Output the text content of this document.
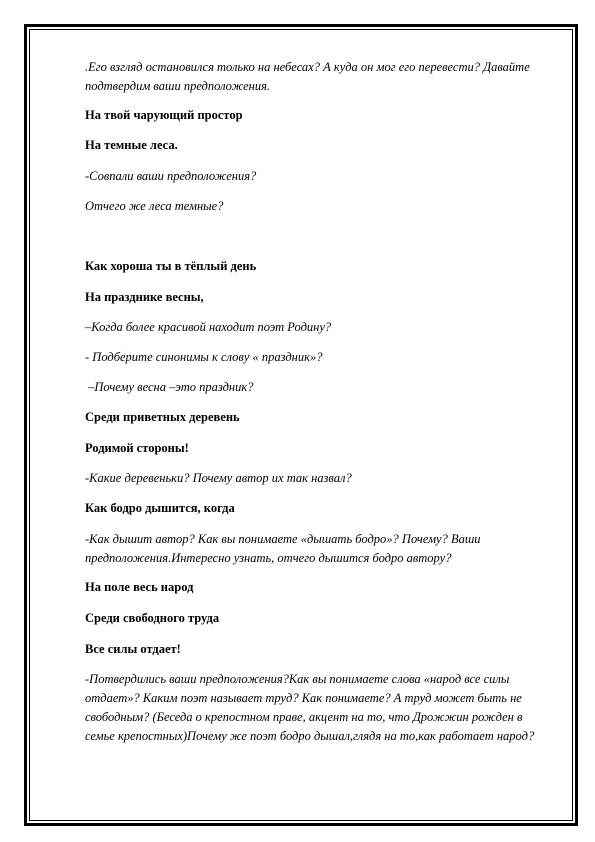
.Его взгляд остановился только на небесах? А куда он мог его перевести? Давайте подтвердим ваши предположения.

На твой чарующий простор

На темные леса.

-Совпали ваши предположения?

Отчего же леса темные?

Как хороша ты в тёплый день

На празднике весны,

–Когда более красивой находит поэт Родину?

- Подберите синонимы к слову « праздник»?

–Почему весна –это праздник?

Среди приветных деревень

Родимой стороны!

-Какие деревеньки? Почему автор их так назвал?

Как бодро дышится, когда

-Как дышит автор? Как вы понимаете «дышать бодро»? Почему? Ваши предположения.Интересно узнать, отчего дышится бодро автору?

На поле весь народ

Среди свободного труда

Все силы отдает!

-Потвердились ваши предположения?Как вы понимаете слова «народ все силы отдает»? Каким поэт называет труд? Как понимаете? А труд может быть не свободным? (Беседа о крепостном праве, акцент на то, что Дрожжин рожден в семье крепостных)Почему же поэт бодро дышал,глядя на то,как работает народ?
